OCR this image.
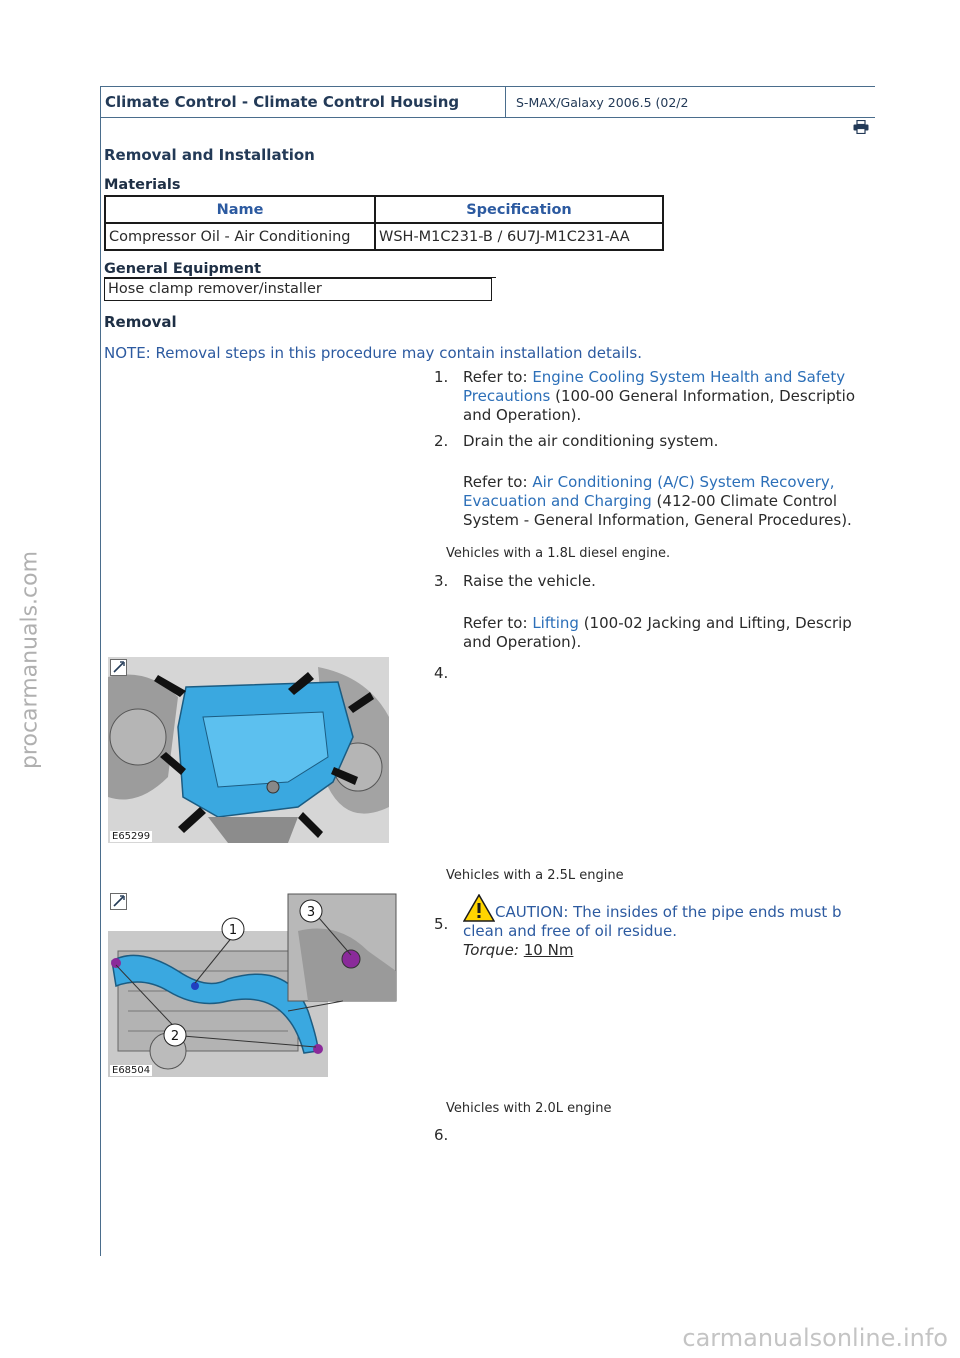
procarmanuals.com
Climate Control - Climate Control Housing	S-MAX/Galaxy 2006.5 (02/2
Removal and Installation
Materials
Name	Specification
Compressor Oil - Air Conditioning	WSH-M1C231-B / 6U7J-M1C231-AA
General Equipment
Hose clamp remover/installer
Removal
NOTE: Removal steps in this procedure may contain installation details.
1. Refer to: Engine Cooling System Health and Safety Precautions (100-00 General Information, Descriptio and Operation).
2. Drain the air conditioning system.
Refer to: Air Conditioning (A/C) System Recovery, Evacuation and Charging (412-00 Climate Control System - General Information, General Procedures).
Vehicles with a 1.8L diesel engine.
3. Raise the vehicle.
Refer to: Lifting (100-02 Jacking and Lifting, Descrip and Operation).
4.
E65299
Vehicles with a 2.5L engine
5.
CAUTION: The insides of the pipe ends must b clean and free of oil residue.
Torque: 10 Nm
1
2
3
E68504
Vehicles with 2.0L engine
6.
carmanualsonline.info
